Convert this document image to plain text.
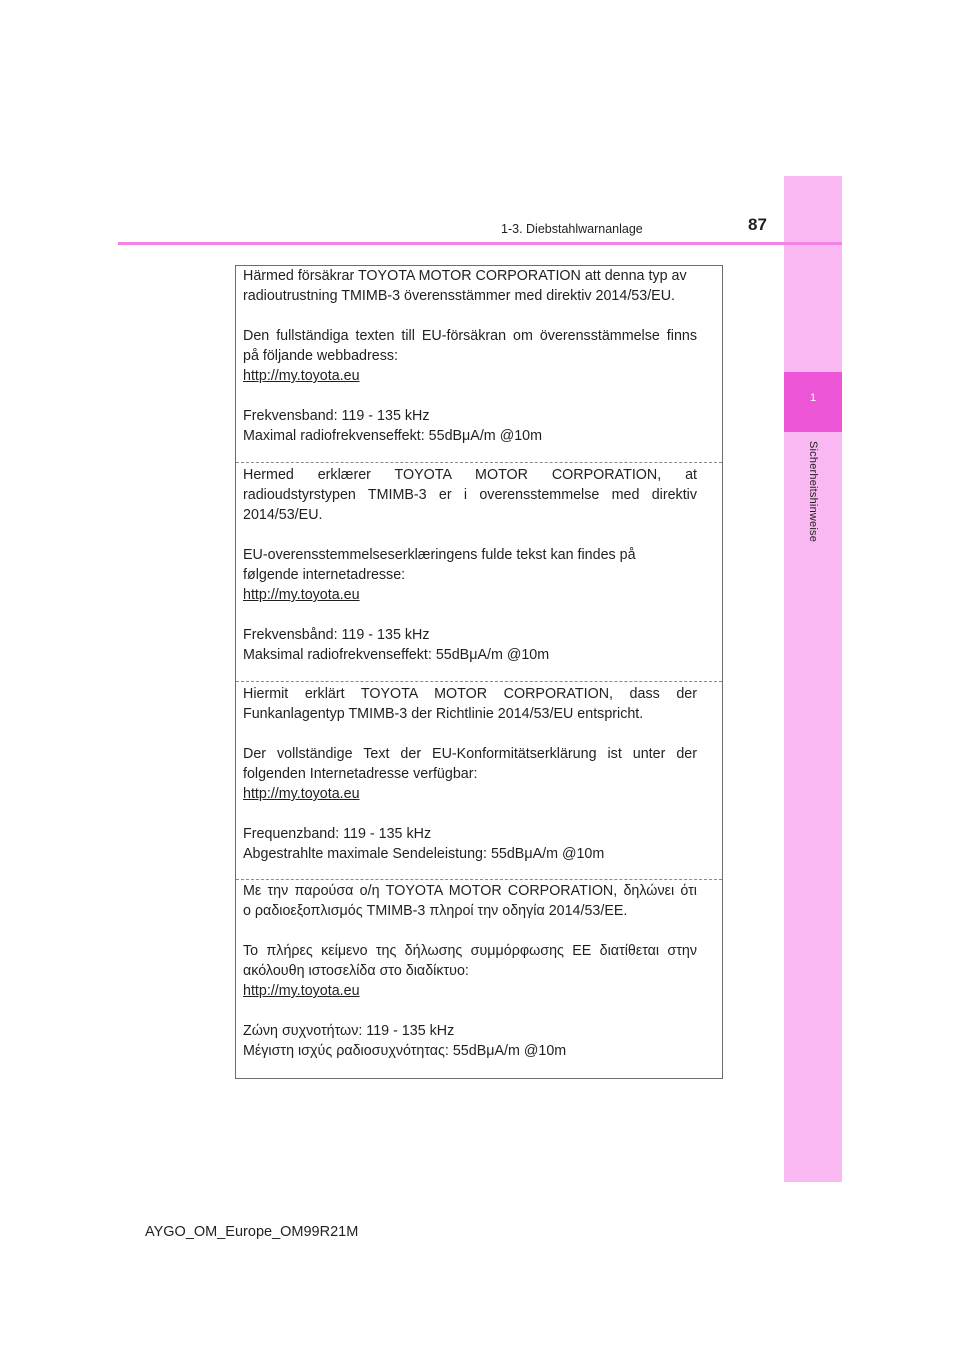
1
Sicherheitshinweise
1-3. Diebstahlwarnanlage	87

Härmed försäkrar TOYOTA MOTOR CORPORATION att denna typ av

radioutrustning TMIMB-3 överensstämmer med direktiv 2014/53/EU.

Den fullständiga texten till EU-försäkran om överensstämmelse finns

på följande webbadress:

http://my.toyota.eu

Frekvensband: 119 - 135 kHz

Maximal radiofrekvenseffekt: 55dBμA/m @10m

Hermed erklærer TOYOTA MOTOR CORPORATION, at

radioudstyrstypen TMIMB-3 er i overensstemmelse med direktiv

2014/53/EU.

EU-overensstemmelseserklæringens fulde tekst kan findes på

følgende internetadresse:

http://my.toyota.eu

Frekvensbånd: 119 - 135 kHz

Maksimal radiofrekvenseffekt: 55dBμA/m @10m

Hiermit erklärt TOYOTA MOTOR CORPORATION, dass der

Funkanlagentyp TMIMB-3 der Richtlinie 2014/53/EU entspricht.

Der vollständige Text der EU-Konformitätserklärung ist unter der

folgenden Internetadresse verfügbar:

http://my.toyota.eu

Frequenzband: 119 - 135 kHz

Abgestrahlte maximale Sendeleistung: 55dBμA/m @10m

Με την παρούσα ο/η TOYOTA MOTOR CORPORATION, δηλώνει ότι

ο ραδιοεξοπλισμός TMIMB-3 πληροί την οδηγία 2014/53/ΕΕ.

Το πλήρες κείμενο της δήλωσης συμμόρφωσης ΕΕ διατίθεται στην

ακόλουθη ιστοσελίδα στο διαδίκτυο:

http://my.toyota.eu

Ζώνη συχνοτήτων: 119 - 135 kHz

Μέγιστη ισχύς ραδιοσυχνότητας: 55dBμA/m @10m

AYGO_OM_Europe_OM99R21M
